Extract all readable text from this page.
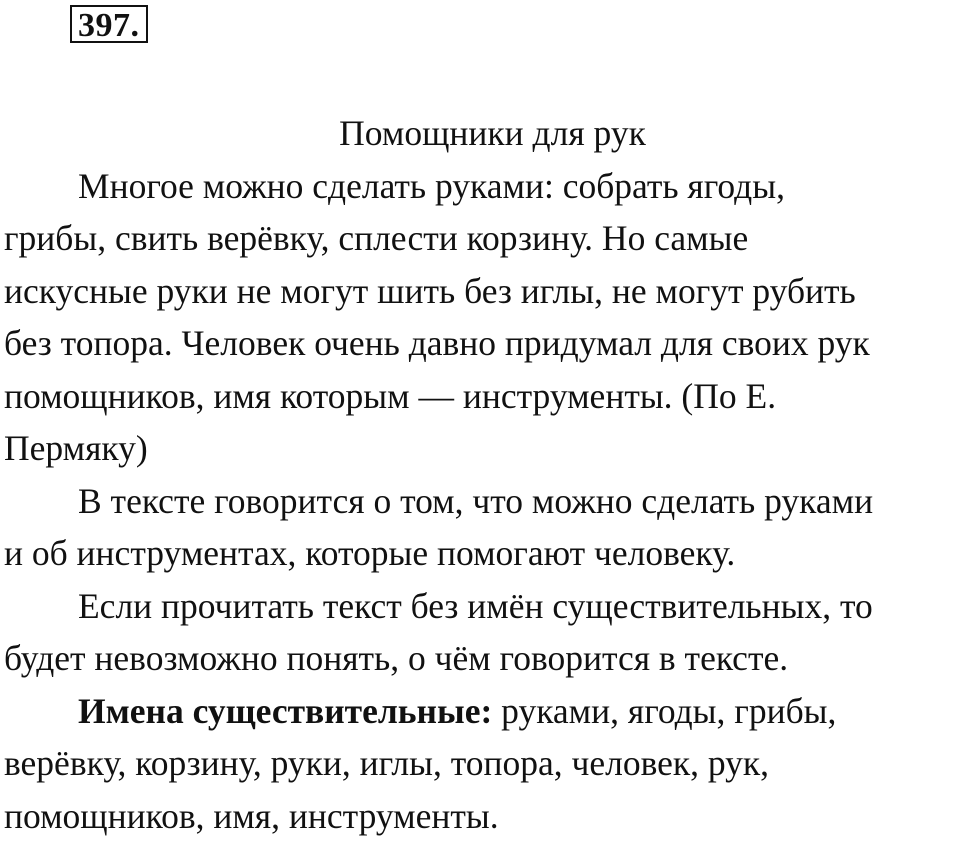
397.
Помощники для рук
Многое можно сделать руками: собрать ягоды,
грибы, свить верёвку, сплести корзину. Но самые
искусные руки не могут шить без иглы, не могут рубить
без топора. Человек очень давно придумал для своих рук
помощников, имя которым — инструменты. (По Е.
Пермяку)
В тексте говорится о том, что можно сделать руками
и об инструментах, которые помогают человеку.
Если прочитать текст без имён существительных, то
будет невозможно понять, о чём говорится в тексте.
Имена существительные: руками, ягоды, грибы,
верёвку, корзину, руки, иглы, топора, человек, рук,
помощников, имя, инструменты.
